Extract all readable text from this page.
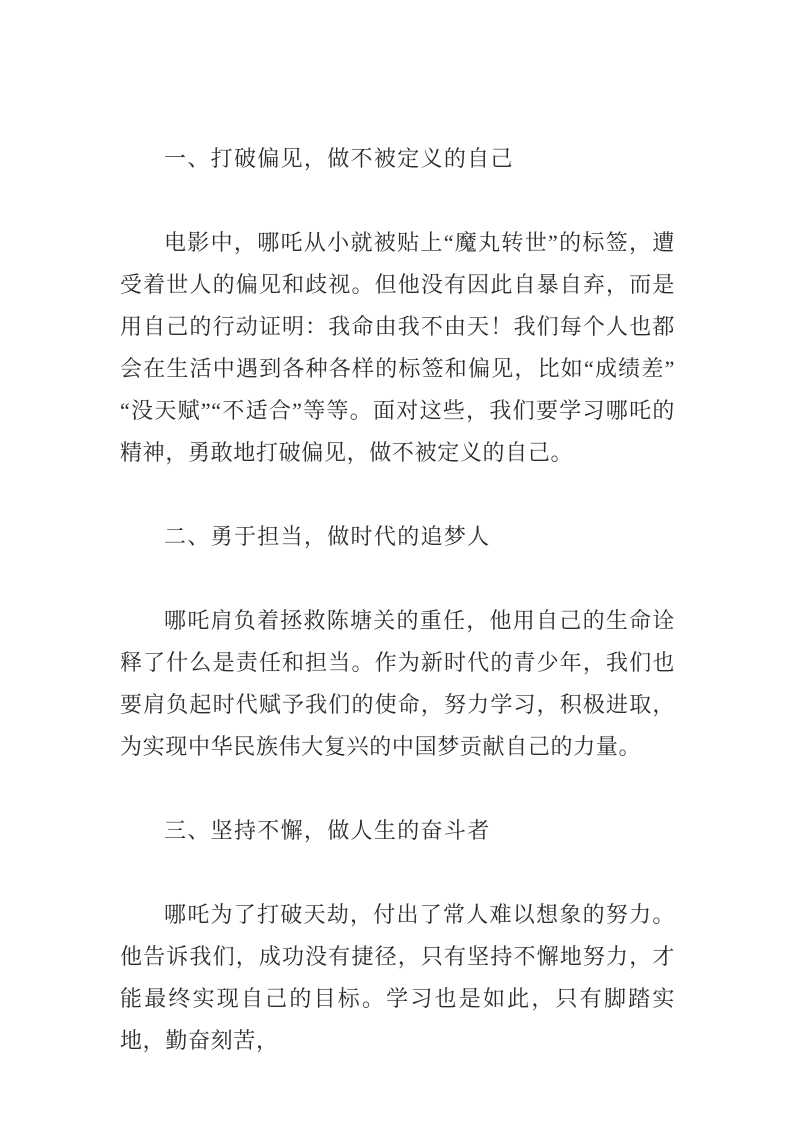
一、打破偏见，做不被定义的自己

电影中，哪吒从小就被贴上“魔丸转世”的标签，遭受着世人的偏见和歧视。但他没有因此自暴自弃，而是用自己的行动证明：我命由我不由天！我们每个人也都会在生活中遇到各种各样的标签和偏见，比如“成绩差”“没天赋”“不适合”等等。面对这些，我们要学习哪吒的精神，勇敢地打破偏见，做不被定义的自己。

二、勇于担当，做时代的追梦人

哪吒肩负着拯救陈塘关的重任，他用自己的生命诠释了什么是责任和担当。作为新时代的青少年，我们也要肩负起时代赋予我们的使命，努力学习，积极进取，为实现中华民族伟大复兴的中国梦贡献自己的力量。

三、坚持不懈，做人生的奋斗者

哪吒为了打破天劫，付出了常人难以想象的努力。他告诉我们，成功没有捷径，只有坚持不懈地努力，才能最终实现自己的目标。学习也是如此，只有脚踏实地，勤奋刻苦，
